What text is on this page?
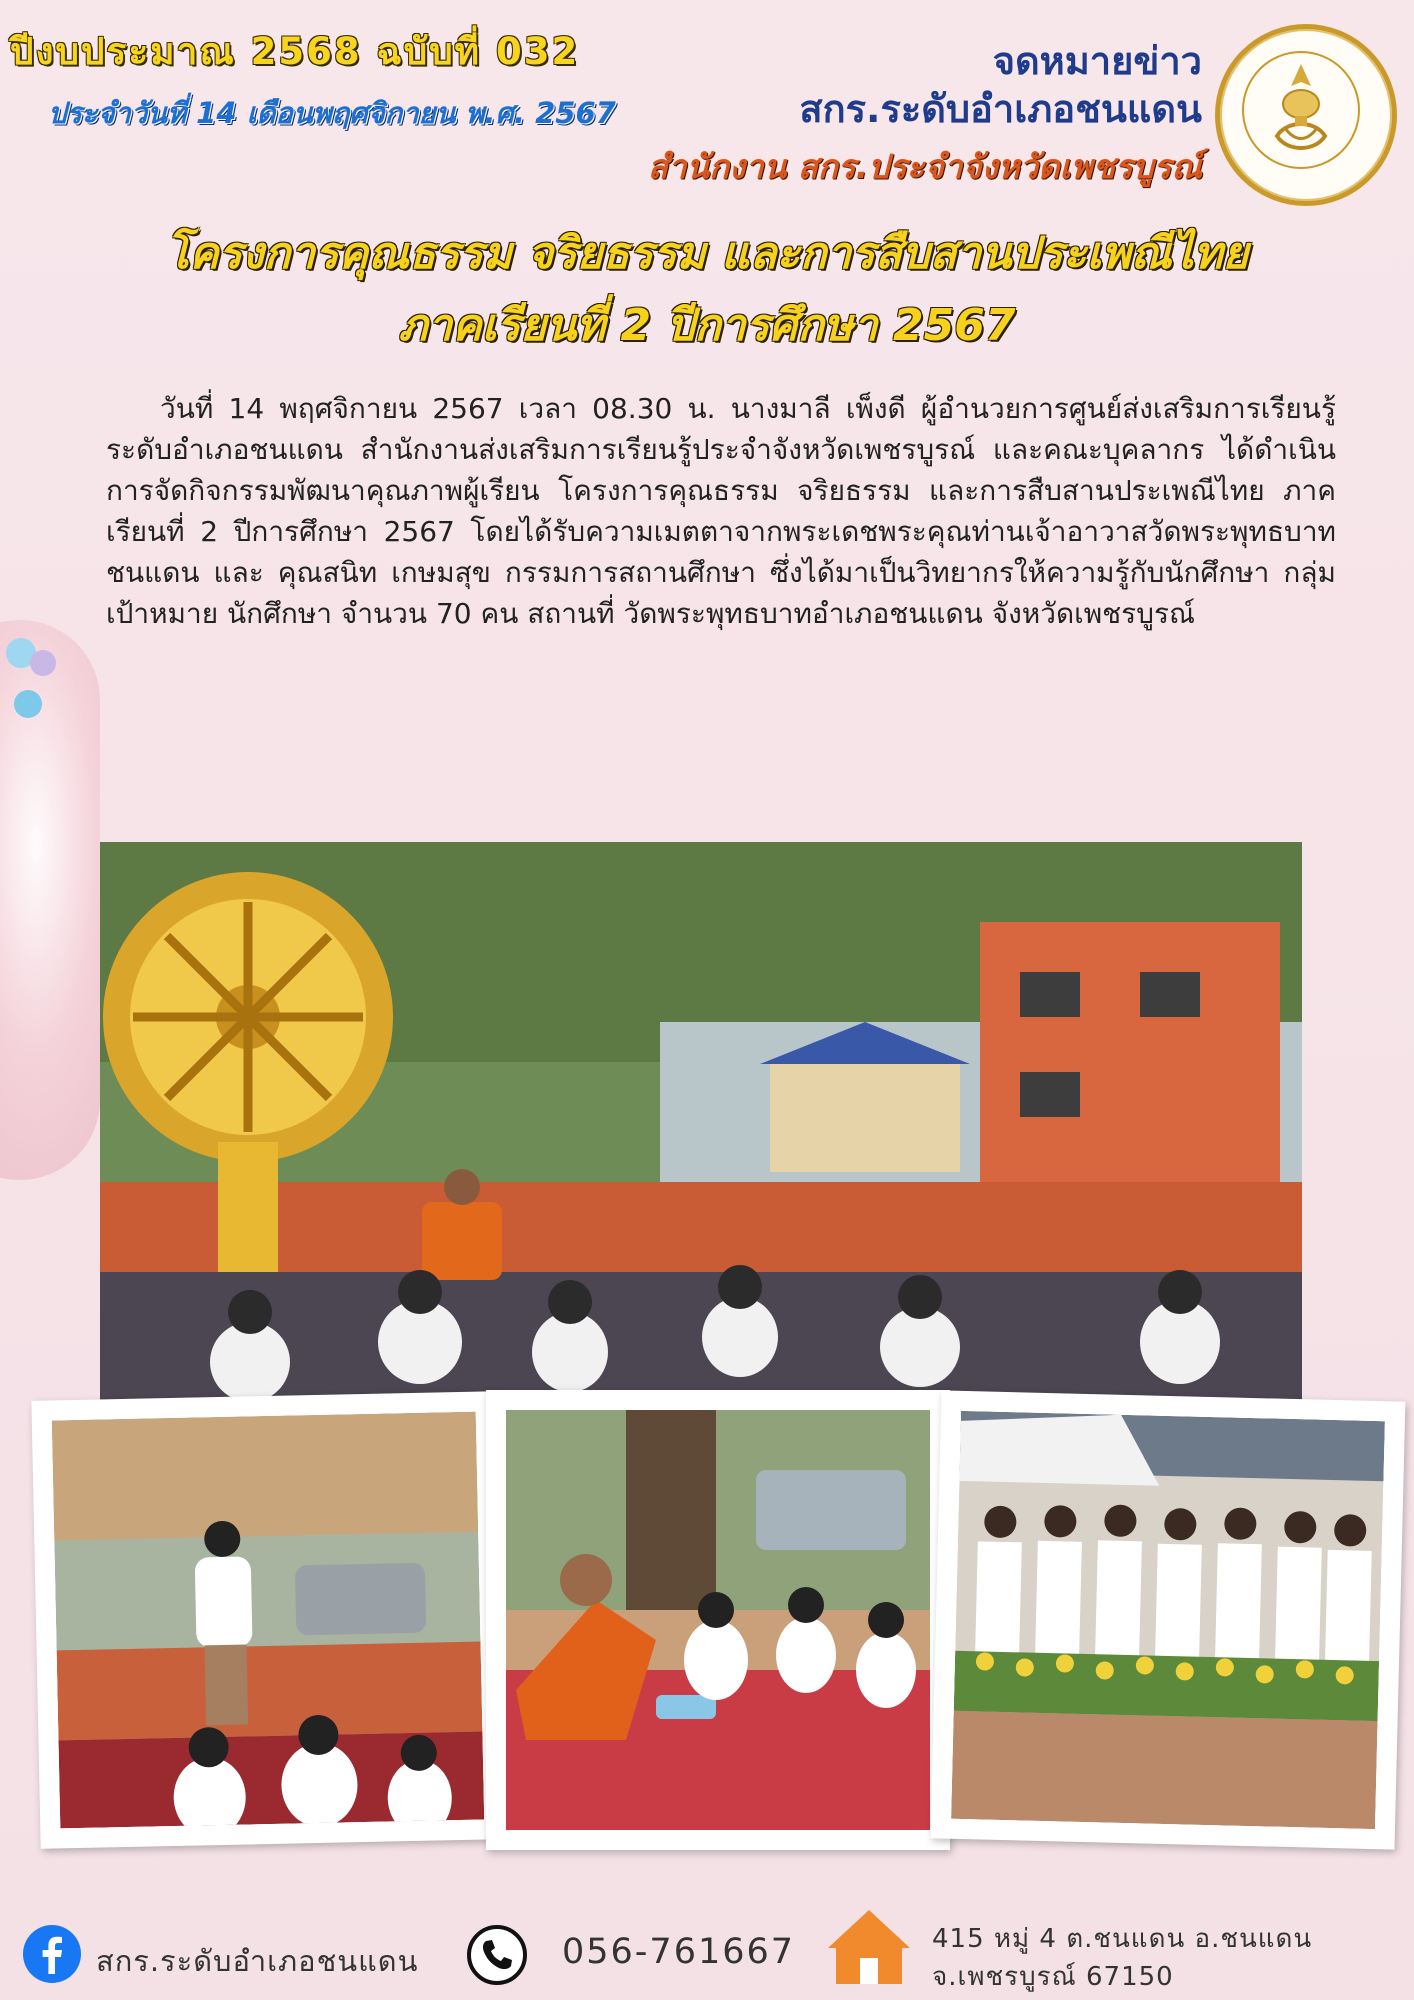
ปีงบประมาณ 2568 ฉบับที่ 032
ประจำวันที่ 14 เดือนพฤศจิกายน พ.ศ. 2567
จดหมายข่าว
สกร.ระดับอำเภอชนแดน
สำนักงาน สกร.ประจำจังหวัดเพชรบูรณ์
โครงการคุณธรรม จริยธรรม และการสืบสานประเพณีไทย
ภาคเรียนที่ 2 ปีการศึกษา 2567
วันที่ 14 พฤศจิกายน 2567 เวลา 08.30 น. นางมาลี เพ็งดี ผู้อำนวยการศูนย์ส่งเสริมการเรียนรู้ระดับอำเภอชนแดน สำนักงานส่งเสริมการเรียนรู้ประจำจังหวัดเพชรบูรณ์ และคณะบุคลากร ได้ดำเนินการจัดกิจกรรมพัฒนาคุณภาพผู้เรียน โครงการคุณธรรม จริยธรรม และการสืบสานประเพณีไทย ภาคเรียนที่ 2 ปีการศึกษา 2567 โดยได้รับความเมตตาจากพระเดชพระคุณท่านเจ้าอาวาสวัดพระพุทธบาทชนแดน และ คุณสนิท เกษมสุข กรรมการสถานศึกษา ซึ่งได้มาเป็นวิทยากรให้ความรู้กับนักศึกษา กลุ่มเป้าหมาย นักศึกษา จำนวน 70 คน สถานที่ วัดพระพุทธบาทอำเภอชนแดน จังหวัดเพชรบูรณ์
สกร.ระดับอำเภอชนแดน	056-761667	415 หมู่ 4 ต.ชนแดน อ.ชนแดน
จ.เพชรบูรณ์ 67150
